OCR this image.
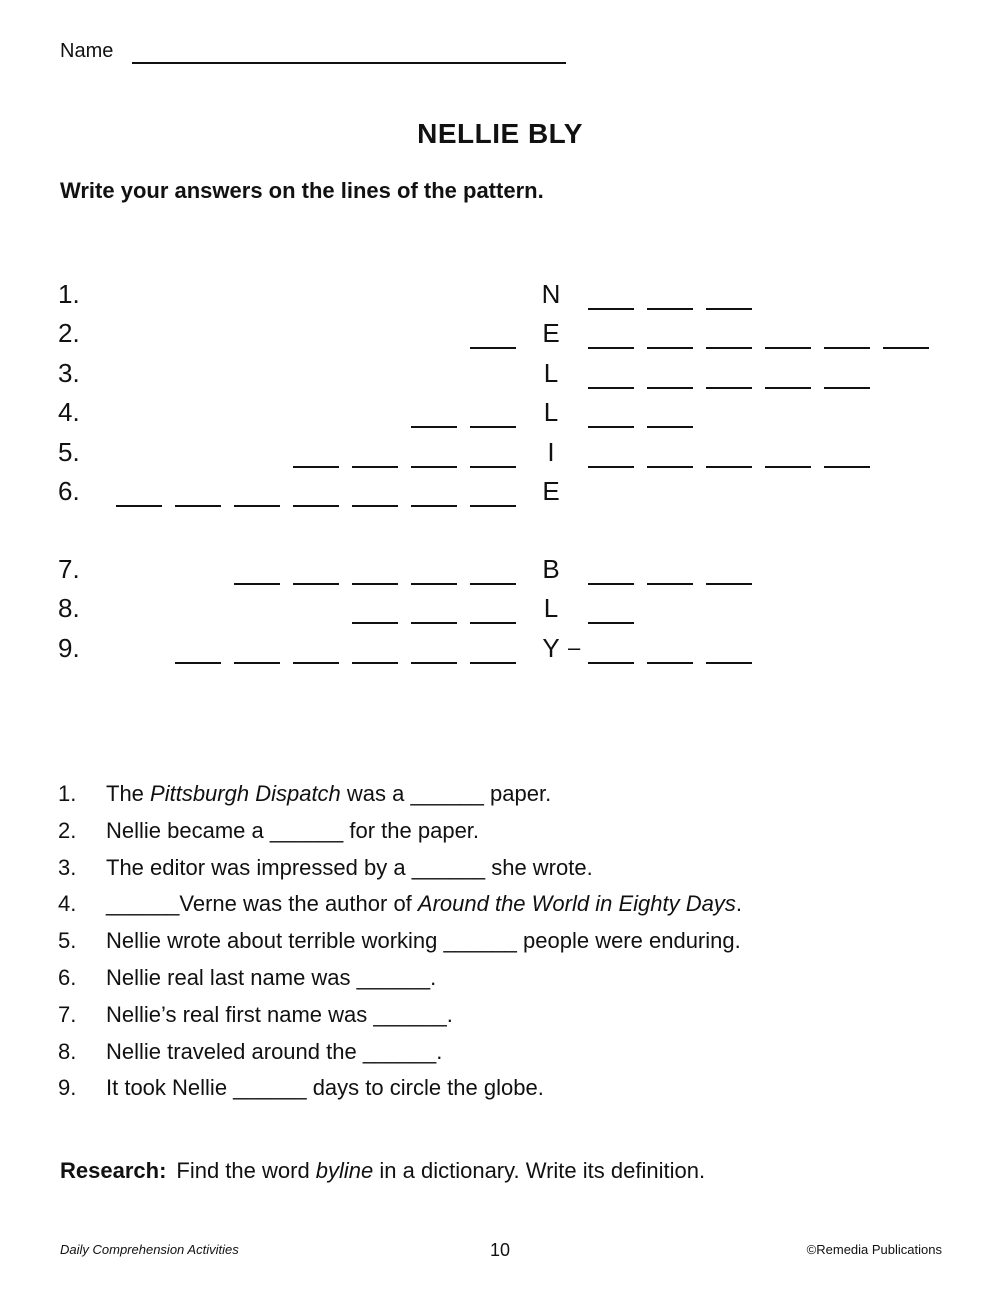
Name
NELLIE BLY
Write your answers on the lines of the pattern.
1.	N
2.	E
3.	L
4.	L
5.	I
6.	E
7.	B
8.	L
9.	Y –
1. The Pittsburgh Dispatch was a ______ paper.
2. Nellie became a ______ for the paper.
3. The editor was impressed by a ______ she wrote.
4. ______Verne was the author of Around the World in Eighty Days.
5. Nellie wrote about terrible working ______ people were enduring.
6. Nellie real last name was ______.
7. Nellie’s real first name was ______.
8. Nellie traveled around the ______.
9. It took Nellie ______ days to circle the globe.
Research: Find the word byline in a dictionary. Write its definition.
Daily Comprehension Activities	10	©Remedia Publications
